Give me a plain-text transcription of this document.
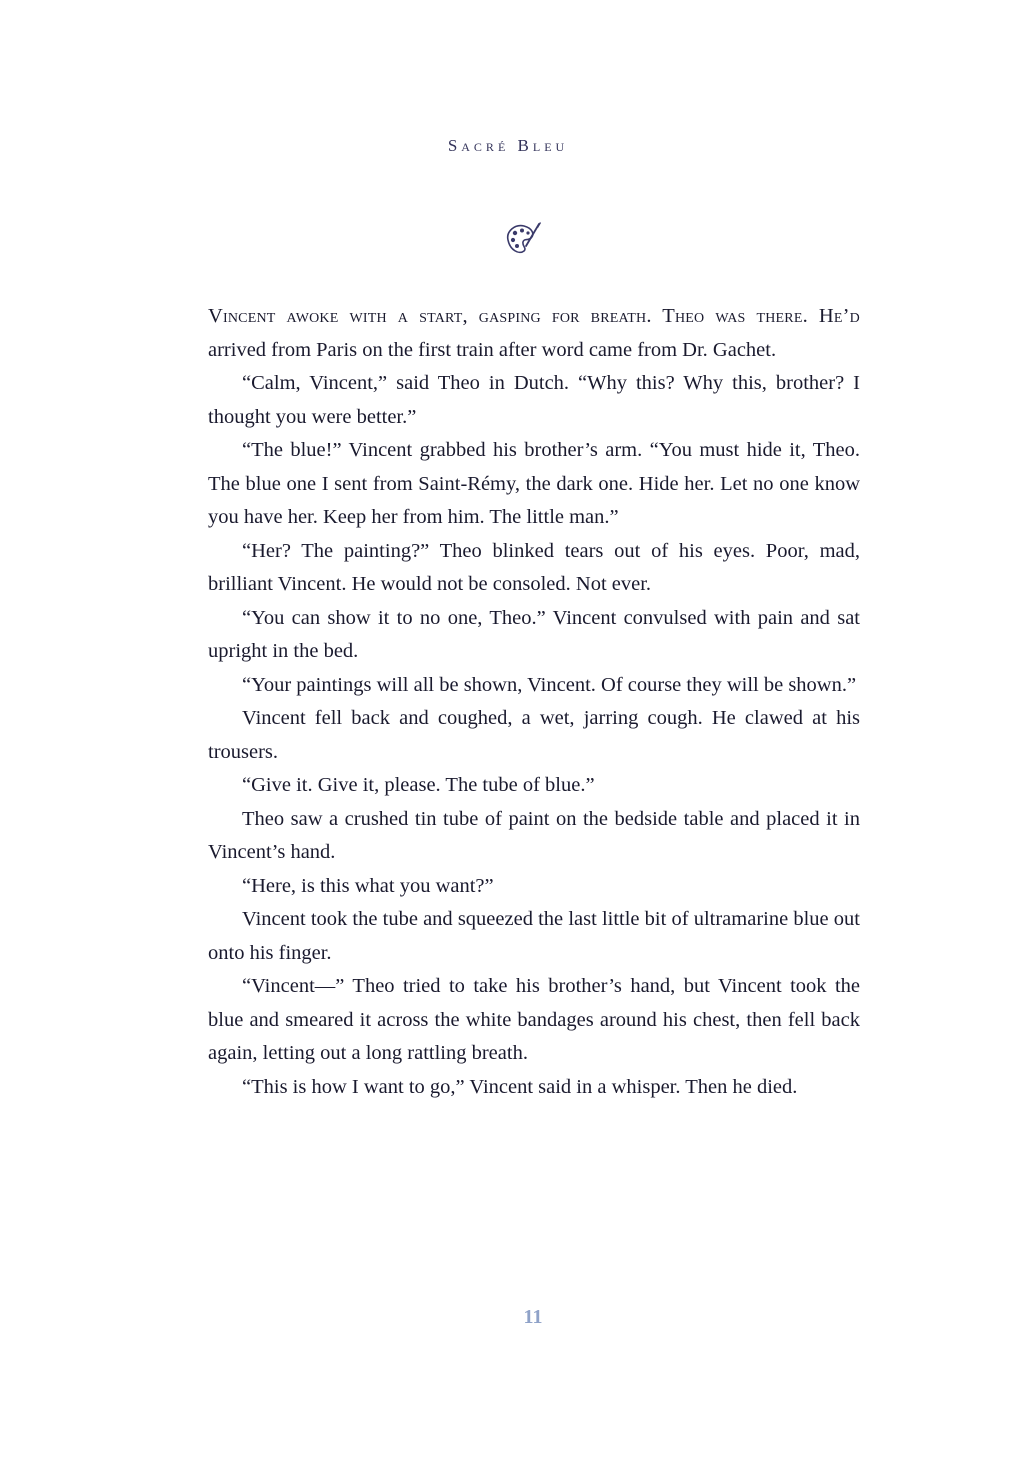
Sacré Bleu

Vincent awoke with a start, gasping for breath. Theo was there. He’d arrived from Paris on the first train after word came from Dr. Gachet.

“Calm, Vincent,” said Theo in Dutch. “Why this? Why this, brother? I thought you were better.”

“The blue!” Vincent grabbed his brother’s arm. “You must hide it, Theo. The blue one I sent from Saint-Rémy, the dark one. Hide her. Let no one know you have her. Keep her from him. The little man.”

“Her? The painting?” Theo blinked tears out of his eyes. Poor, mad, brilliant Vincent. He would not be consoled. Not ever.

“You can show it to no one, Theo.” Vincent convulsed with pain and sat upright in the bed.

“Your paintings will all be shown, Vincent. Of course they will be shown.”

Vincent fell back and coughed, a wet, jarring cough. He clawed at his trousers.

“Give it. Give it, please. The tube of blue.”

Theo saw a crushed tin tube of paint on the bedside table and placed it in Vincent’s hand.

“Here, is this what you want?”

Vincent took the tube and squeezed the last little bit of ultramarine blue out onto his finger.

“Vincent—” Theo tried to take his brother’s hand, but Vincent took the blue and smeared it across the white bandages around his chest, then fell back again, letting out a long rattling breath.

“This is how I want to go,” Vincent said in a whisper. Then he died.

11
